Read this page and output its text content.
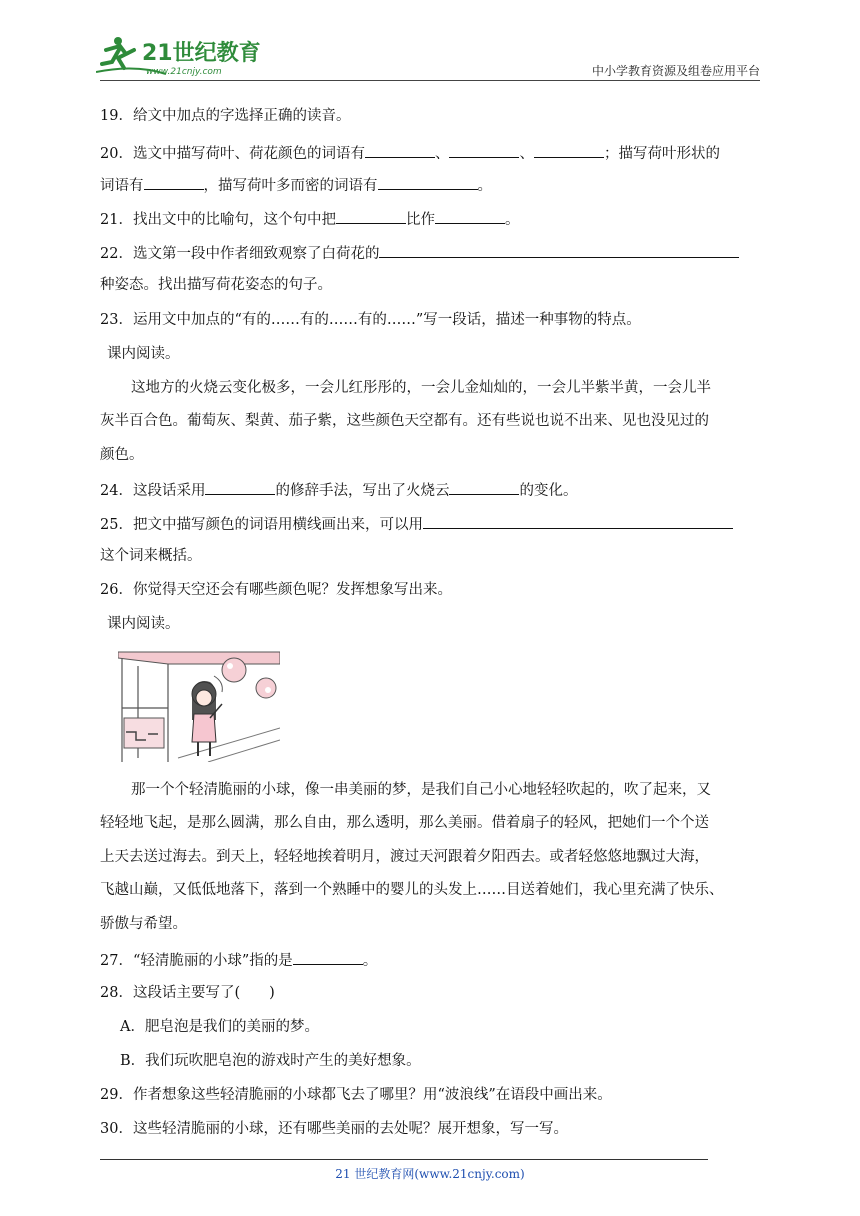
21世纪教育
www.21cnjy.com	中小学教育资源及组卷应用平台
19．给文中加点的字选择正确的读音。
20．选文中描写荷叶、荷花颜色的词语有	、	、	；描写荷叶形状的
词语有	，描写荷叶多而密的词语有	。
21．找出文中的比喻句，这个句中把	比作	。
22．选文第一段中作者细致观察了白荷花的
种姿态。找出描写荷花姿态的句子。
23．运用文中加点的“有的……有的……有的……”写一段话，描述一种事物的特点。
课内阅读。
这地方的火烧云变化极多，一会儿红彤彤的，一会儿金灿灿的，一会儿半紫半黄，一会儿半
灰半百合色。葡萄灰、梨黄、茄子紫，这些颜色天空都有。还有些说也说不出来、见也没见过的
颜色。
24．这段话采用	的修辞手法，写出了火烧云	的变化。
25．把文中描写颜色的词语用横线画出来，可以用
这个词来概括。
26．你觉得天空还会有哪些颜色呢？发挥想象写出来。
课内阅读。
那一个个轻清脆丽的小球，像一串美丽的梦，是我们自己小心地轻轻吹起的，吹了起来，又
轻轻地飞起，是那么圆满，那么自由，那么透明，那么美丽。借着扇子的轻风，把她们一个个送
上天去送过海去。到天上，轻轻地挨着明月，渡过天河跟着夕阳西去。或者轻悠悠地飘过大海，
飞越山巅，又低低地落下，落到一个熟睡中的婴儿的头发上……目送着她们，我心里充满了快乐、
骄傲与希望。
27．“轻清脆丽的小球”指的是	。
28．这段话主要写了(　　)
A．肥皂泡是我们的美丽的梦。
B．我们玩吹肥皂泡的游戏时产生的美好想象。
29．作者想象这些轻清脆丽的小球都飞去了哪里？用“波浪线”在语段中画出来。
30．这些轻清脆丽的小球，还有哪些美丽的去处呢？展开想象，写一写。
21 世纪教育网(www.21cnjy.com)
